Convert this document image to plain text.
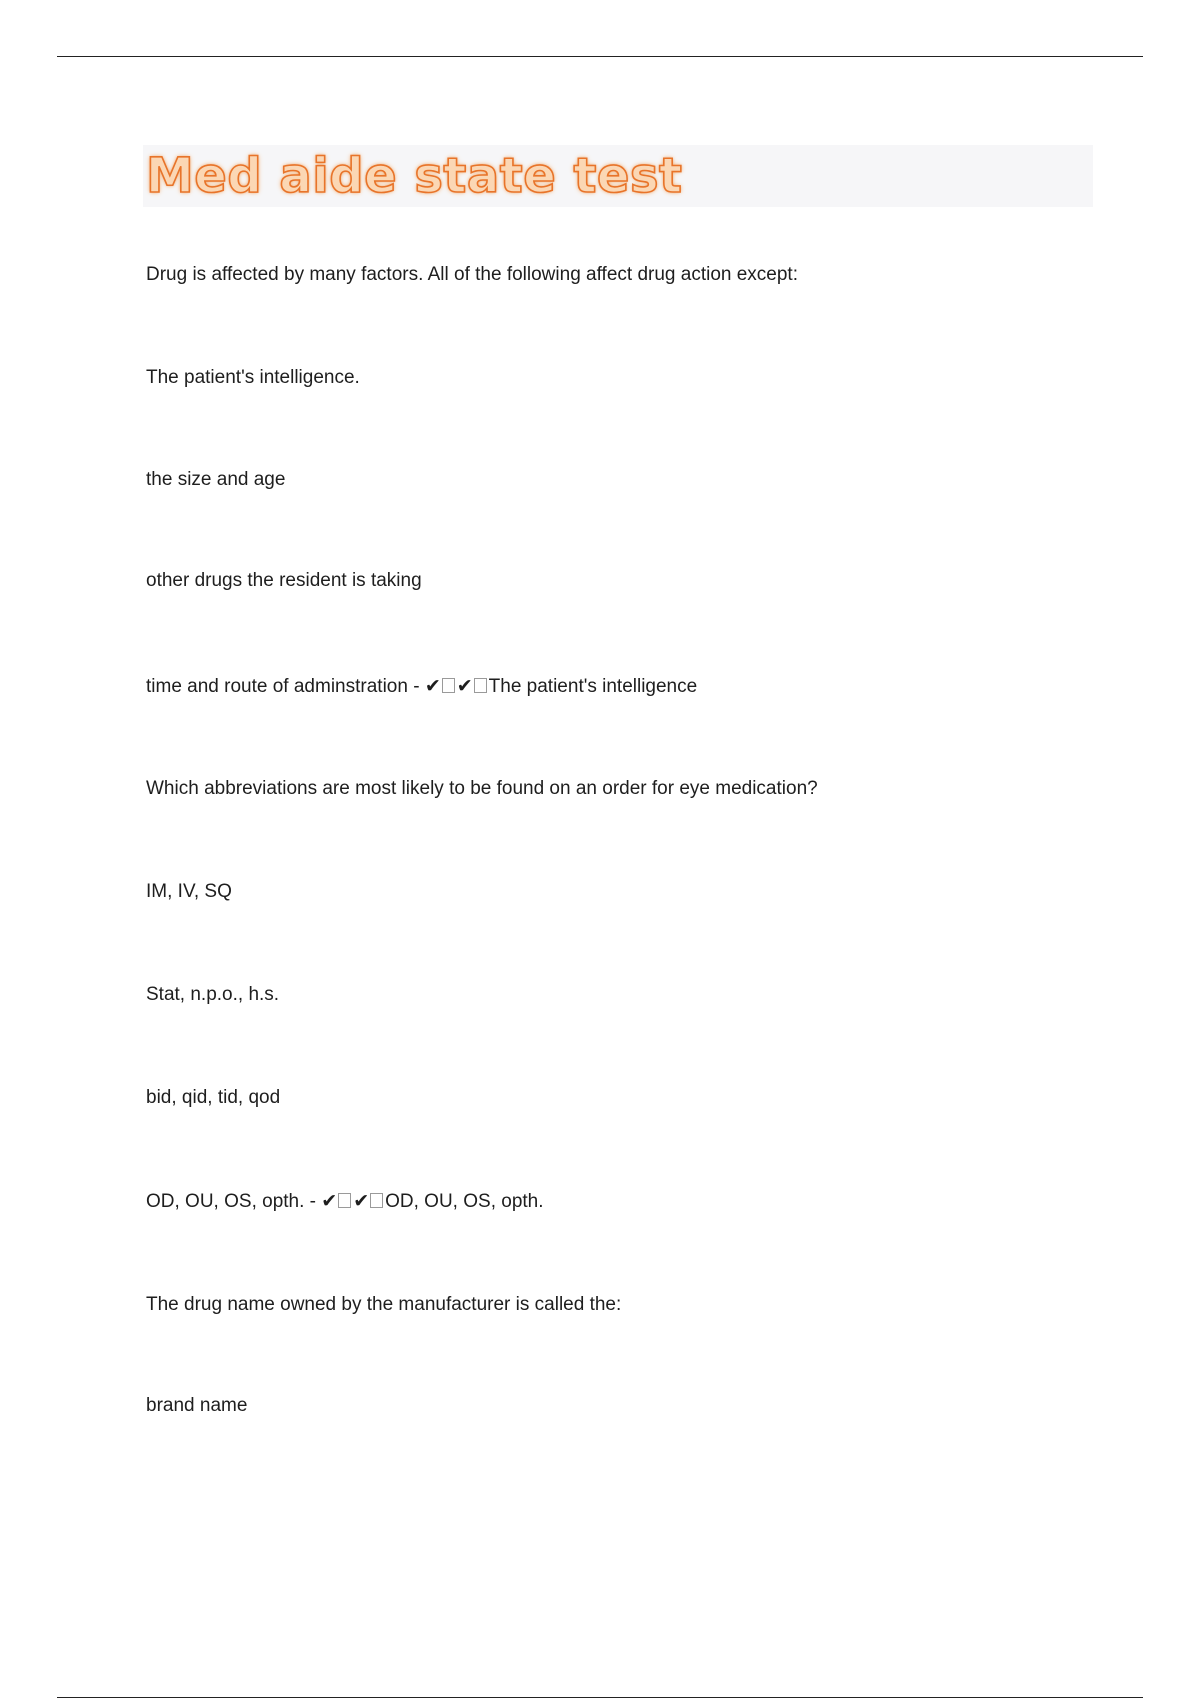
Med aide state test
Drug is affected by many factors. All of the following affect drug action except:
The patient's intelligence.
the size and age
other drugs the resident is taking
time and route of adminstration - ✔ ✔ The patient's intelligence
Which abbreviations are most likely to be found on an order for eye medication?
IM, IV, SQ
Stat, n.p.o., h.s.
bid, qid, tid, qod
OD, OU, OS, opth. - ✔ ✔ OD, OU, OS, opth.
The drug name owned by the manufacturer is called the:
brand name
